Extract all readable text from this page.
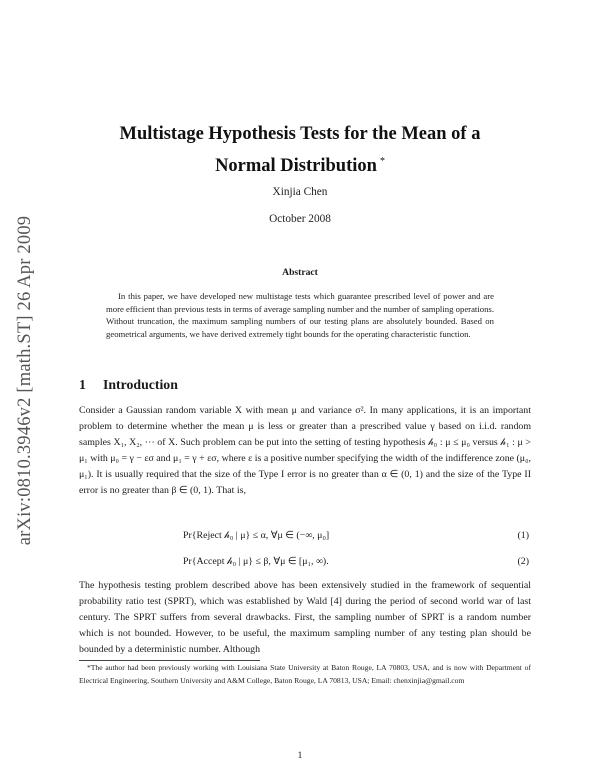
arXiv:0810.3946v2 [math.ST] 26 Apr 2009
Multistage Hypothesis Tests for the Mean of a
Normal Distribution *
Xinjia Chen
October 2008
Abstract

In this paper, we have developed new multistage tests which guarantee prescribed level of power and are more efficient than previous tests in terms of average sampling number and the number of sampling operations. Without truncation, the maximum sampling numbers of our testing plans are absolutely bounded. Based on geometrical arguments, we have derived extremely tight bounds for the operating characteristic function.

1 Introduction

Consider a Gaussian random variable X with mean μ and variance σ². In many applications, it is an important problem to determine whether the mean μ is less or greater than a prescribed value γ based on i.i.d. random samples X₁, X₂, ⋯ of X. Such problem can be put into the setting of testing hypothesis 𝒽₀ : μ ≤ μ₀ versus 𝒽₁ : μ > μ₁ with μ₀ = γ − εσ and μ₁ = γ + εσ, where ε is a positive number specifying the width of the indifference zone (μ₀, μ₁). It is usually required that the size of the Type I error is no greater than α ∈ (0, 1) and the size of the Type II error is no greater than β ∈ (0, 1). That is,

Pr{Reject 𝒽₀ | μ} ≤ α, ∀μ ∈ (−∞, μ₀]	(1)
Pr{Accept 𝒽₀ | μ} ≤ β, ∀μ ∈ [μ₁, ∞).	(2)

The hypothesis testing problem described above has been extensively studied in the framework of sequential probability ratio test (SPRT), which was established by Wald [4] during the period of second world war of last century. The SPRT suffers from several drawbacks. First, the sampling number of SPRT is a random number which is not bounded. However, to be useful, the maximum sampling number of any testing plan should be bounded by a deterministic number. Although

*The author had been previously working with Louisiana State University at Baton Rouge, LA 70803, USA, and is now with Department of Electrical Engineering, Southern University and A&M College, Baton Rouge, LA 70813, USA; Email: chenxinjia@gmail.com

1
